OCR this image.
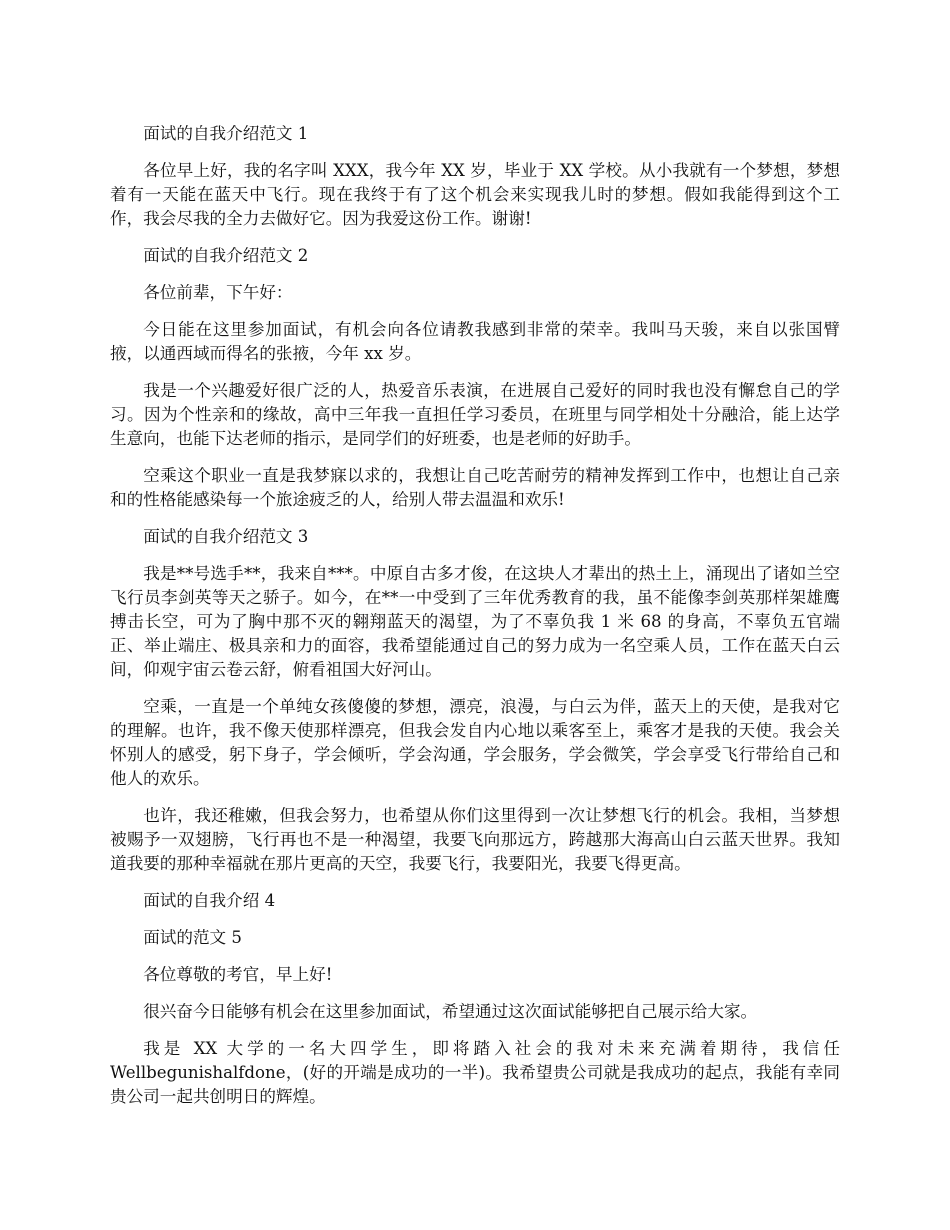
面试的自我介绍范文 1

各位早上好，我的名字叫 XXX，我今年 XX 岁，毕业于 XX 学校。从小我就有一个梦想，梦想着有一天能在蓝天中飞行。现在我终于有了这个机会来实现我儿时的梦想。假如我能得到这个工作，我会尽我的全力去做好它。因为我爱这份工作。谢谢!

面试的自我介绍范文 2

各位前辈，下午好：

今日能在这里参加面试，有机会向各位请教我感到非常的荣幸。我叫马天骏，来自以张国臂掖，以通西域而得名的张掖，今年 xx 岁。

我是一个兴趣爱好很广泛的人，热爱音乐表演，在进展自己爱好的同时我也没有懈怠自己的学习。因为个性亲和的缘故，高中三年我一直担任学习委员，在班里与同学相处十分融洽，能上达学生意向，也能下达老师的指示，是同学们的好班委，也是老师的好助手。

空乘这个职业一直是我梦寐以求的，我想让自己吃苦耐劳的精神发挥到工作中，也想让自己亲和的性格能感染每一个旅途疲乏的人，给别人带去温温和欢乐!

面试的自我介绍范文 3

我是**号选手**，我来自***。中原自古多才俊，在这块人才辈出的热土上，涌现出了诸如兰空飞行员李剑英等天之骄子。如今，在**一中受到了三年优秀教育的我，虽不能像李剑英那样架雄鹰搏击长空，可为了胸中那不灭的翱翔蓝天的渴望，为了不辜负我 1 米 68 的身高，不辜负五官端正、举止端庄、极具亲和力的面容，我希望能通过自己的努力成为一名空乘人员，工作在蓝天白云间，仰观宇宙云卷云舒，俯看祖国大好河山。

空乘，一直是一个单纯女孩傻傻的梦想，漂亮，浪漫，与白云为伴，蓝天上的天使，是我对它的理解。也许，我不像天使那样漂亮，但我会发自内心地以乘客至上，乘客才是我的天使。我会关怀别人的感受，躬下身子，学会倾听，学会沟通，学会服务，学会微笑，学会享受飞行带给自己和他人的欢乐。

也许，我还稚嫩，但我会努力，也希望从你们这里得到一次让梦想飞行的机会。我相，当梦想被赐予一双翅膀，飞行再也不是一种渴望，我要飞向那远方，跨越那大海高山白云蓝天世界。我知道我要的那种幸福就在那片更高的天空，我要飞行，我要阳光，我要飞得更高。

面试的自我介绍 4

面试的范文 5

各位尊敬的考官，早上好!

很兴奋今日能够有机会在这里参加面试，希望通过这次面试能够把自己展示给大家。

我是 XX 大学的一名大四学生，即将踏入社会的我对未来充满着期待，我信任 Wellbegunishalfdone，(好的开端是成功的一半)。我希望贵公司就是我成功的起点，我能有幸同贵公司一起共创明日的辉煌。
